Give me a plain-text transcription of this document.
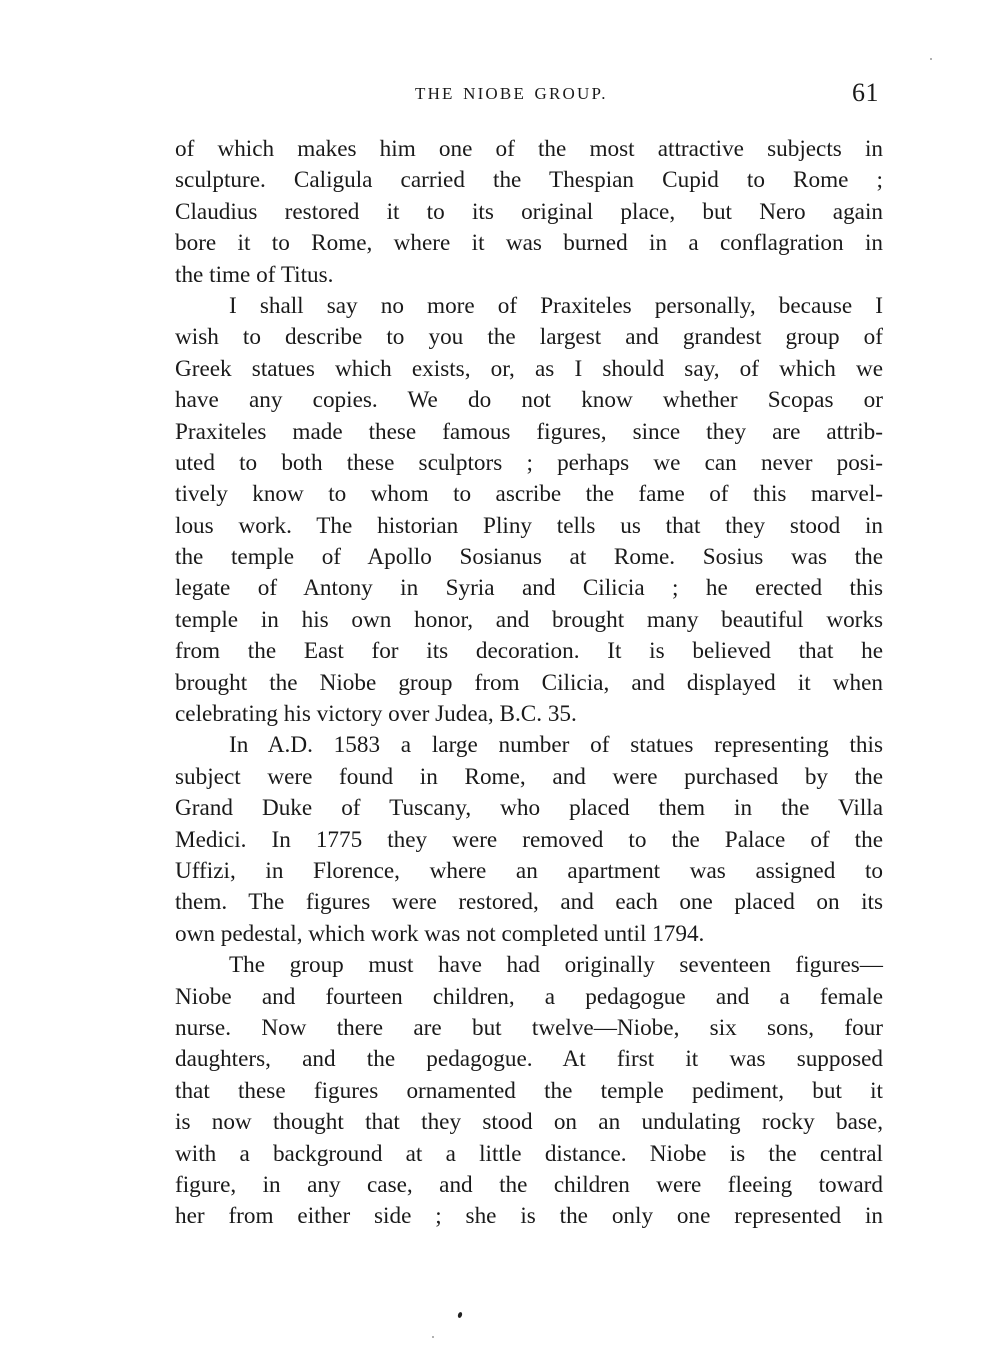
THE NIOBE GROUP.	61
of which makes him one of the most attractive subjects in
sculpture. Caligula carried the Thespian Cupid to Rome ;
Claudius restored it to its original place, but Nero again
bore it to Rome, where it was burned in a conflagration in
the time of Titus.
I shall say no more of Praxiteles personally, because I
wish to describe to you the largest and grandest group of
Greek statues which exists, or, as I should say, of which we
have any copies. We do not know whether Scopas or
Praxiteles made these famous figures, since they are attrib-
uted to both these sculptors ; perhaps we can never posi-
tively know to whom to ascribe the fame of this marvel-
lous work. The historian Pliny tells us that they stood in
the temple of Apollo Sosianus at Rome. Sosius was the
legate of Antony in Syria and Cilicia ; he erected this
temple in his own honor, and brought many beautiful works
from the East for its decoration. It is believed that he
brought the Niobe group from Cilicia, and displayed it when
celebrating his victory over Judea, B.C. 35.
In A.D. 1583 a large number of statues representing this
subject were found in Rome, and were purchased by the
Grand Duke of Tuscany, who placed them in the Villa
Medici. In 1775 they were removed to the Palace of the
Uffizi, in Florence, where an apartment was assigned to
them. The figures were restored, and each one placed on its
own pedestal, which work was not completed until 1794.
The group must have had originally seventeen figures—
Niobe and fourteen children, a pedagogue and a female
nurse. Now there are but twelve—Niobe, six sons, four
daughters, and the pedagogue. At first it was supposed
that these figures ornamented the temple pediment, but it
is now thought that they stood on an undulating rocky base,
with a background at a little distance. Niobe is the central
figure, in any case, and the children were fleeing toward
her from either side ; she is the only one represented in
